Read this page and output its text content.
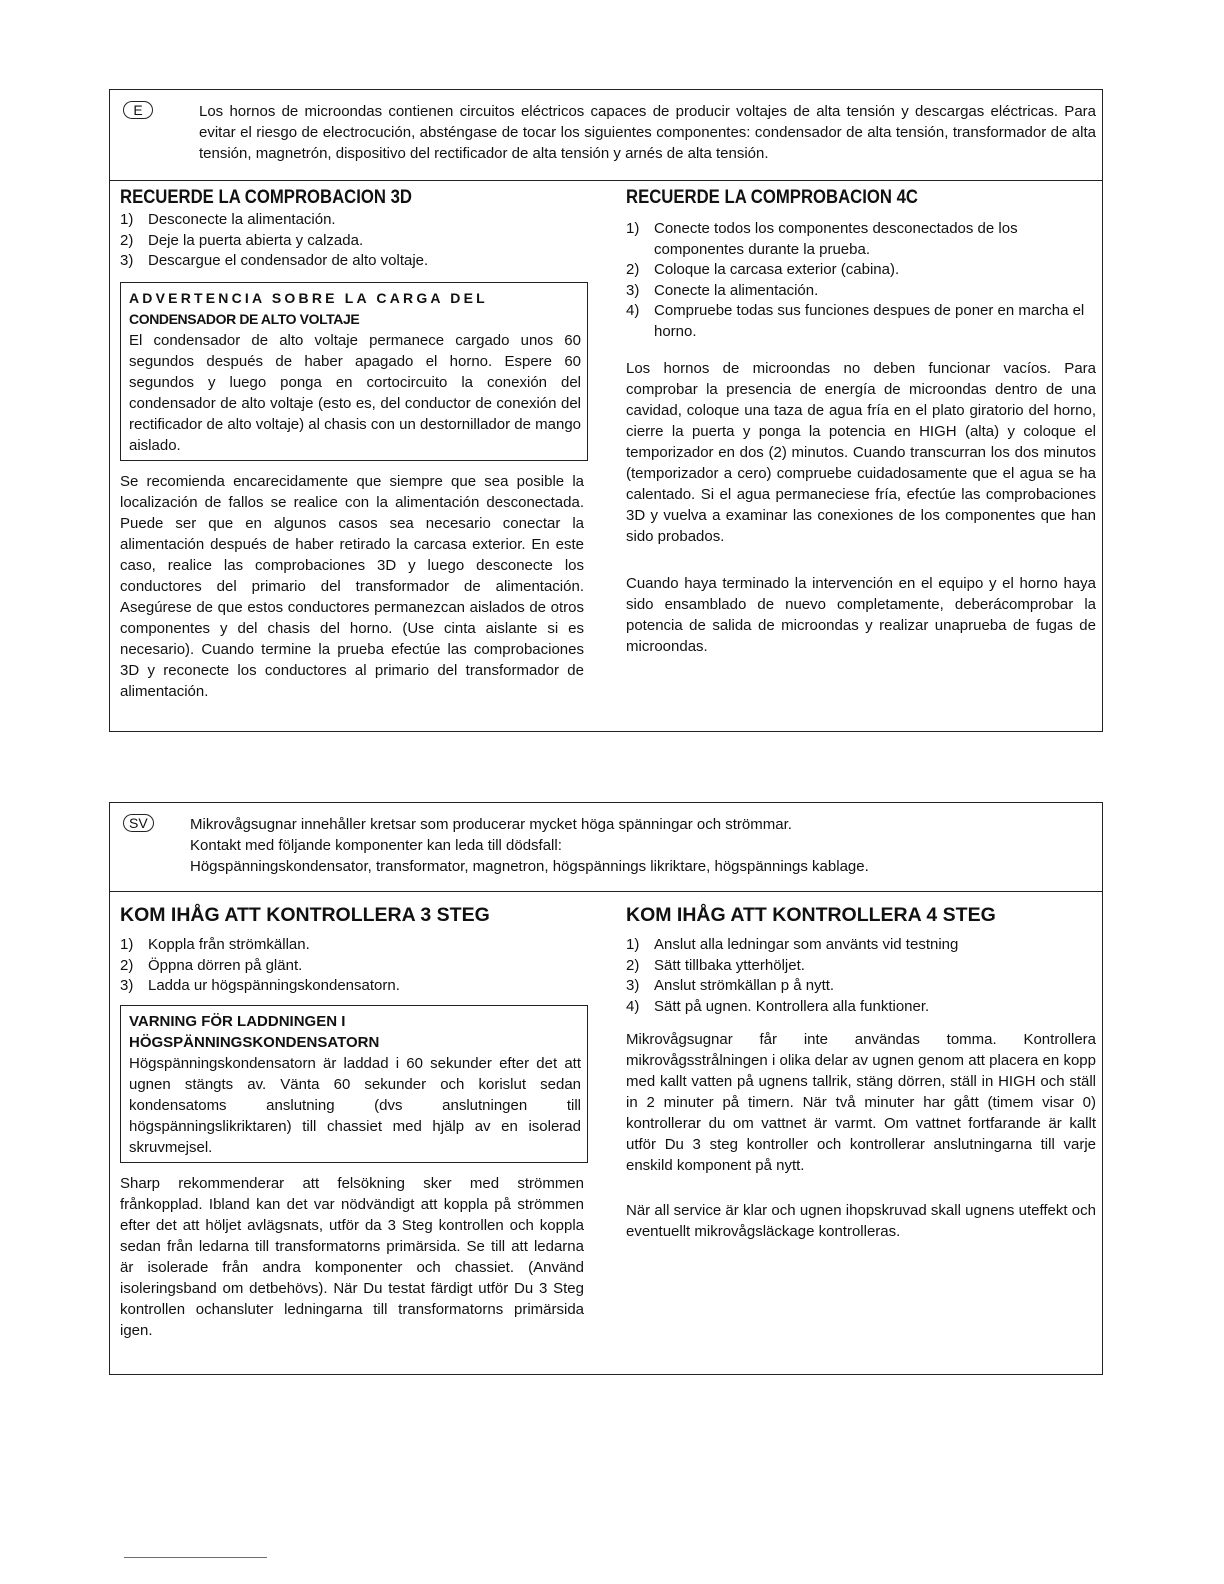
E	Los hornos de microondas contienen circuitos eléctricos capaces de producir voltajes de alta tensión y descargas eléctricas. Para evitar el riesgo de electrocución, absténgase de tocar los siguientes componentes: condensador de alta tensión, transformador de alta tensión, magnetrón, dispositivo del rectificador de alta tensión y arnés de alta tensión.

RECUERDE LA COMPROBACION 3D
1) Desconecte la alimentación.
2) Deje la puerta abierta y calzada.
3) Descargue el condensador de alto voltaje.

ADVERTENCIA SOBRE LA CARGA DEL
CONDENSADOR DE ALTO VOLTAJE

El condensador de alto voltaje permanece cargado unos 60 segundos después de haber apagado el horno. Espere 60 segundos y luego ponga en cortocircuito la conexión del condensador de alto voltaje (esto es, del conductor de conexión del rectificador de alto voltaje) al chasis con un destornillador de mango aislado.

Se recomienda encarecidamente que siempre que sea posible la localización de fallos se realice con la alimentación desconectada. Puede ser que en algunos casos sea necesario conectar la alimentación después de haber retirado la carcasa exterior. En este caso, realice las comprobaciones 3D y luego desconecte los conductores del primario del transformador de alimentación. Asegúrese de que estos conductores permanezcan aislados de otros componentes y del chasis del horno. (Use cinta aislante si es necesario). Cuando termine la prueba efectúe las comprobaciones 3D y reconecte los conductores al primario del transformador de alimentación.

RECUERDE LA COMPROBACION 4C
1) Conecte todos los componentes desconectados de los componentes durante la prueba.
2) Coloque la carcasa exterior (cabina).
3) Conecte la alimentación.
4) Compruebe todas sus funciones despues de poner en marcha el horno.

Los hornos de microondas no deben funcionar vacíos. Para comprobar la presencia de energía de microondas dentro de una cavidad, coloque una taza de agua fría en el plato giratorio del horno, cierre la puerta y ponga la potencia en HIGH (alta) y coloque el temporizador en dos (2) minutos. Cuando transcurran los dos minutos (temporizador a cero) compruebe cuidadosamente que el agua se ha calentado. Si el agua permaneciese fría, efectúe las comprobaciones 3D y vuelva a examinar las conexiones de los componentes que han sido probados.

Cuando haya terminado la intervención en el equipo y el horno haya sido ensamblado de nuevo completamente, deberácomprobar la potencia de salida de microondas y realizar unaprueba de fugas de microondas.

SV	Mikrovågsugnar innehåller kretsar som producerar mycket höga spänningar och strömmar.
Kontakt med följande komponenter kan leda till dödsfall:
Högspänningskondensator, transformator, magnetron, högspännings likriktare, högspännings kablage.

KOM IHÅG ATT KONTROLLERA 3 STEG
1) Koppla från strömkällan.
2) Öppna dörren på glänt.
3) Ladda ur högspänningskondensatorn.

VARNING FÖR LADDNINGEN I
HÖGSPÄNNINGSKONDENSATORN

Högspänningskondensatorn är laddad i 60 sekunder efter det att ugnen stängts av. Vänta 60 sekunder och korislut sedan kondensatoms anslutning (dvs anslutningen till högspänningslikriktaren) till chassiet med hjälp av en isolerad skruvmejsel.

Sharp rekommenderar att felsökning sker med strömmen frånkopplad. Ibland kan det var nödvändigt att koppla på strömmen efter det att höljet avlägsnats, utför da 3 Steg kontrollen och koppla sedan från ledarna till transformatorns primärsida. Se till att ledarna är isolerade från andra komponenter och chassiet. (Använd isoleringsband om detbehövs). När Du testat färdigt utför Du 3 Steg kontrollen ochansluter ledningarna till transformatorns primärsida igen.

KOM IHÅG ATT KONTROLLERA 4 STEG
1) Anslut alla ledningar som använts vid testning
2) Sätt tillbaka ytterhöljet.
3) Anslut strömkällan p å nytt.
4) Sätt på ugnen. Kontrollera alla funktioner.

Mikrovågsugnar får inte användas tomma. Kontrollera mikrovågsstrålningen i olika delar av ugnen genom att placera en kopp med kallt vatten på ugnens tallrik, stäng dörren, ställ in HIGH och ställ in 2 minuter på timern. När två minuter har gått (timem visar 0) kontrollerar du om vattnet är varmt. Om vattnet fortfarande är kallt utför Du 3 steg kontroller och kontrollerar anslutningarna till varje enskild komponent på nytt.

När all service är klar och ugnen ihopskruvad skall ugnens uteffekt och eventuellt mikrovågsläckage kontrolleras.
